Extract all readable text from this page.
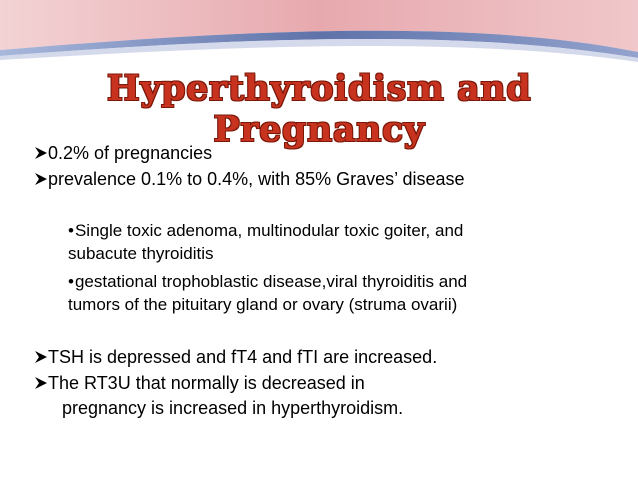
Hyperthyroidism and Pregnancy
0.2% of pregnancies
prevalence 0.1% to 0.4%, with 85% Graves’ disease
•Single toxic adenoma, multinodular toxic goiter, and
subacute thyroiditis
•gestational trophoblastic disease,viral thyroiditis and
tumors of the pituitary gland or ovary (struma ovarii)
TSH is depressed and fT4 and fTI are increased.
The RT3U that normally is decreased in
pregnancy is increased in hyperthyroidism.
